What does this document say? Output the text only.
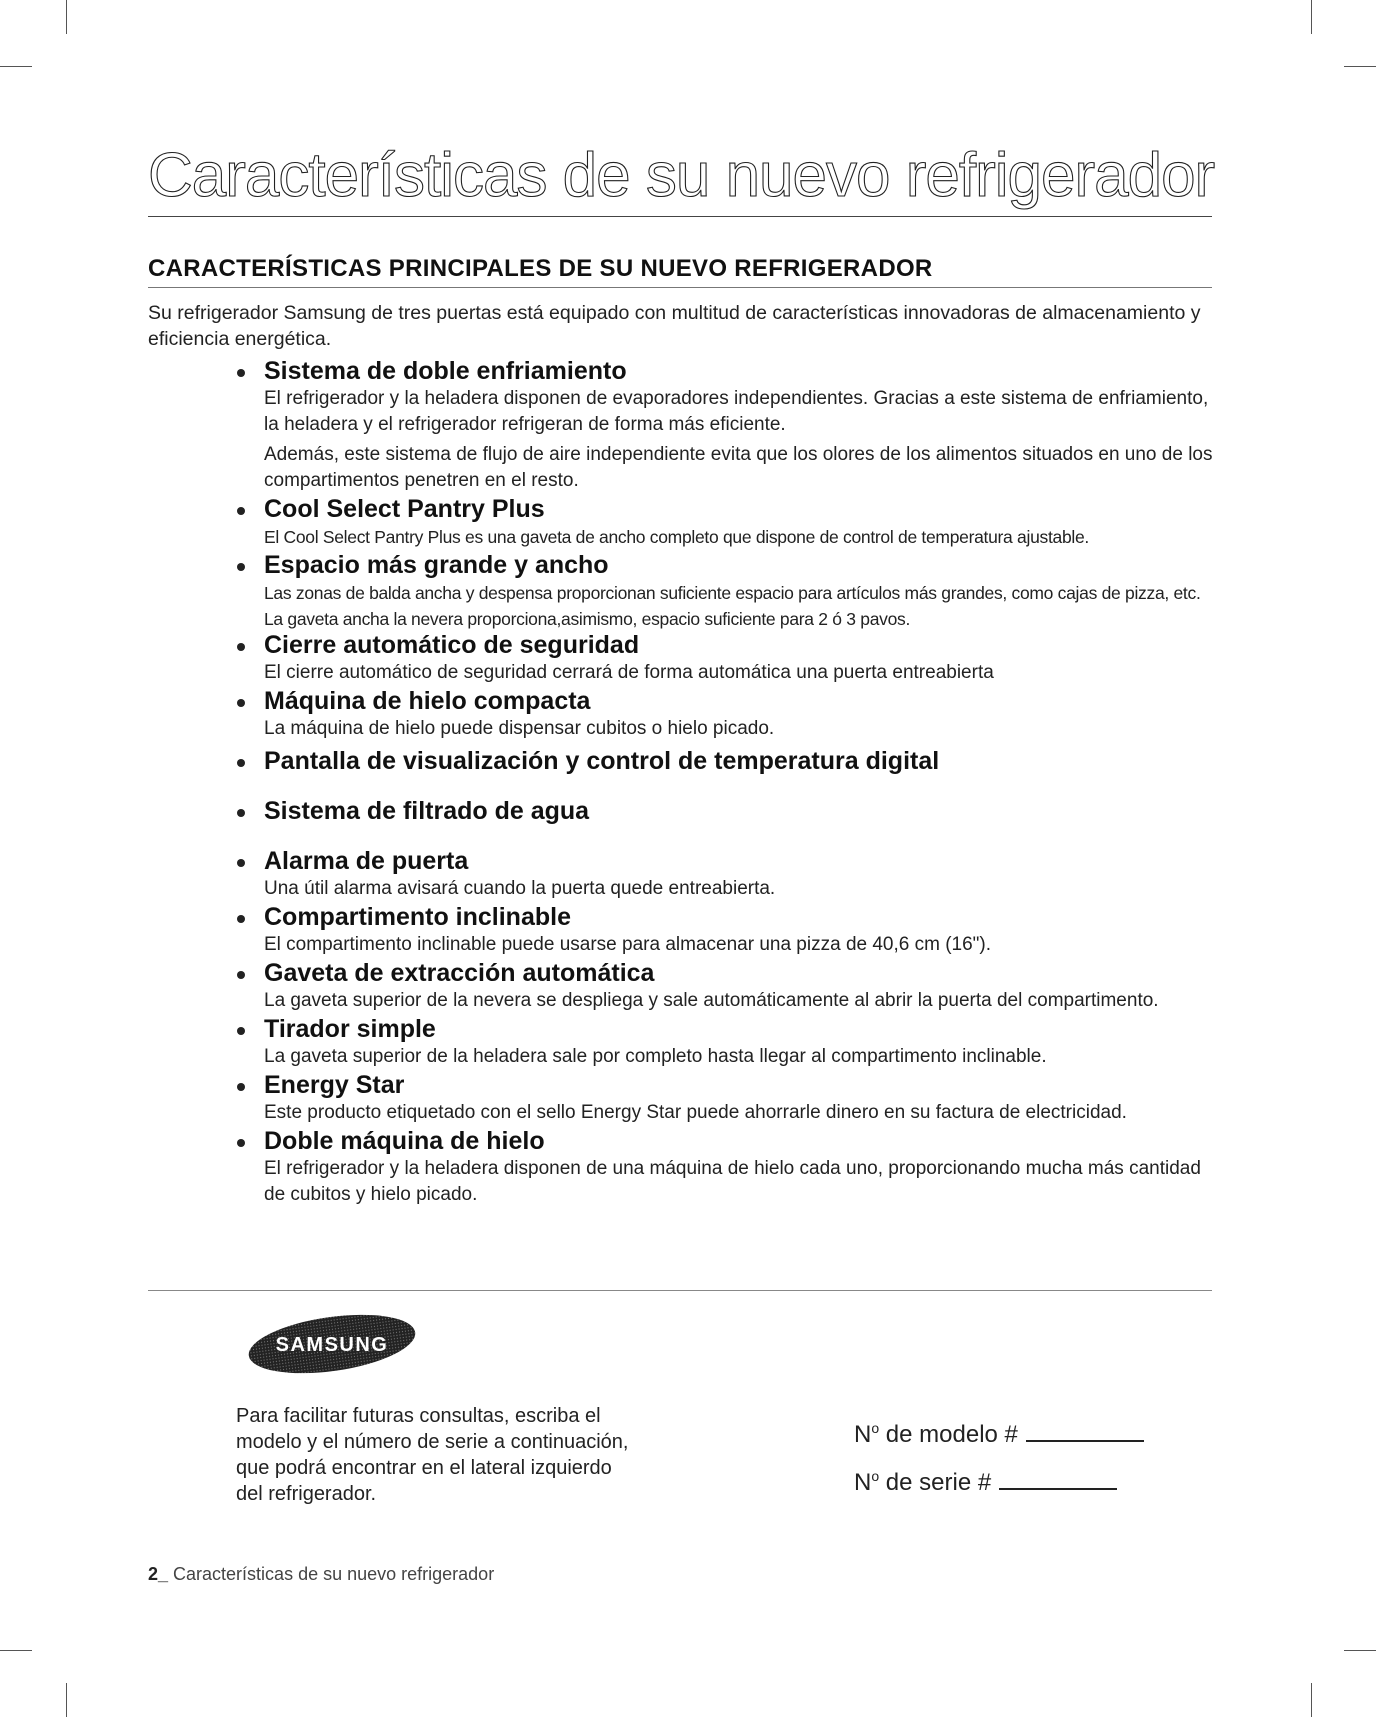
Características de su nuevo refrigerador
CARACTERÍSTICAS PRINCIPALES DE SU NUEVO REFRIGERADOR

Su refrigerador Samsung de tres puertas está equipado con multitud de características innovadoras de almacenamiento y eficiencia energética.

Sistema de doble enfriamiento
El refrigerador y la heladera disponen de evaporadores independientes. Gracias a este sistema de enfriamiento, la heladera y el refrigerador refrigeran de forma más eficiente.
Además, este sistema de flujo de aire independiente evita que los olores de los alimentos situados en uno de los compartimentos penetren en el resto.
Cool Select Pantry Plus
El Cool Select Pantry Plus es una gaveta de ancho completo que dispone de control de temperatura ajustable.
Espacio más grande y ancho
Las zonas de balda ancha y despensa proporcionan suficiente espacio para artículos más grandes, como cajas de pizza, etc. La gaveta ancha la nevera proporciona,asimismo, espacio suficiente para 2 ó 3 pavos.
Cierre automático de seguridad
El cierre automático de seguridad cerrará de forma automática una puerta entreabierta
Máquina de hielo compacta
La máquina de hielo puede dispensar cubitos o hielo picado.
Pantalla de visualización y control de temperatura digital
Sistema de filtrado de agua
Alarma de puerta
Una útil alarma avisará cuando la puerta quede entreabierta.
Compartimento inclinable
El compartimento inclinable puede usarse para almacenar una pizza de 40,6 cm (16").
Gaveta de extracción automática
La gaveta superior de la nevera se despliega y sale automáticamente al abrir la puerta del compartimento.
Tirador simple
La gaveta superior de la heladera sale por completo hasta llegar al compartimento inclinable.
Energy Star
Este producto etiquetado con el sello Energy Star puede ahorrarle dinero en su factura de electricidad.
Doble máquina de hielo
El refrigerador y la heladera disponen de una máquina de hielo cada uno, proporcionando mucha más cantidad de cubitos y hielo picado.
SAMSUNG

Para facilitar futuras consultas, escriba el modelo y el número de serie a continuación, que podrá encontrar en el lateral izquierdo del refrigerador.

$N^o$ de modelo #
$N^o$ de serie #
2_ Características de su nuevo refrigerador
